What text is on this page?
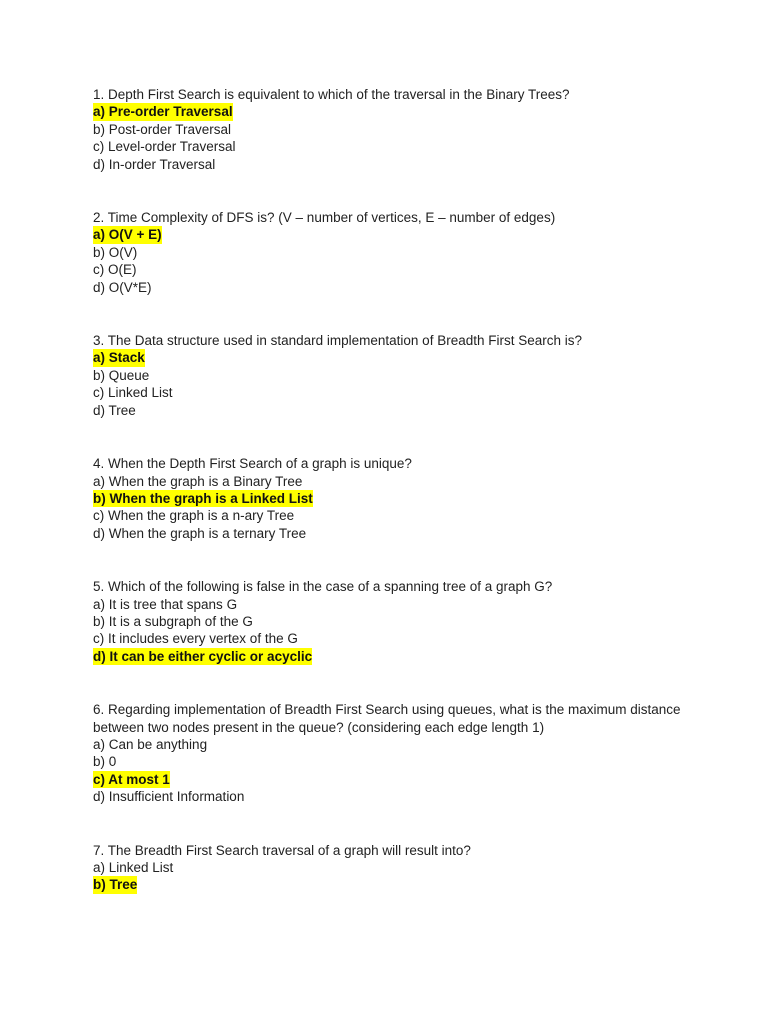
1. Depth First Search is equivalent to which of the traversal in the Binary Trees?
a) Pre-order Traversal
b) Post-order Traversal
c) Level-order Traversal
d) In-order Traversal
2. Time Complexity of DFS is? (V – number of vertices, E – number of edges)
a) O(V + E)
b) O(V)
c) O(E)
d) O(V*E)
3. The Data structure used in standard implementation of Breadth First Search is?
a) Stack
b) Queue
c) Linked List
d) Tree
4. When the Depth First Search of a graph is unique?
a) When the graph is a Binary Tree
b) When the graph is a Linked List
c) When the graph is a n-ary Tree
d) When the graph is a ternary Tree
5. Which of the following is false in the case of a spanning tree of a graph G?
a) It is tree that spans G
b) It is a subgraph of the G
c) It includes every vertex of the G
d) It can be either cyclic or acyclic
6. Regarding implementation of Breadth First Search using queues, what is the maximum distance between two nodes present in the queue? (considering each edge length 1)
a) Can be anything
b) 0
c) At most 1
d) Insufficient Information
7. The Breadth First Search traversal of a graph will result into?
a) Linked List
b) Tree
